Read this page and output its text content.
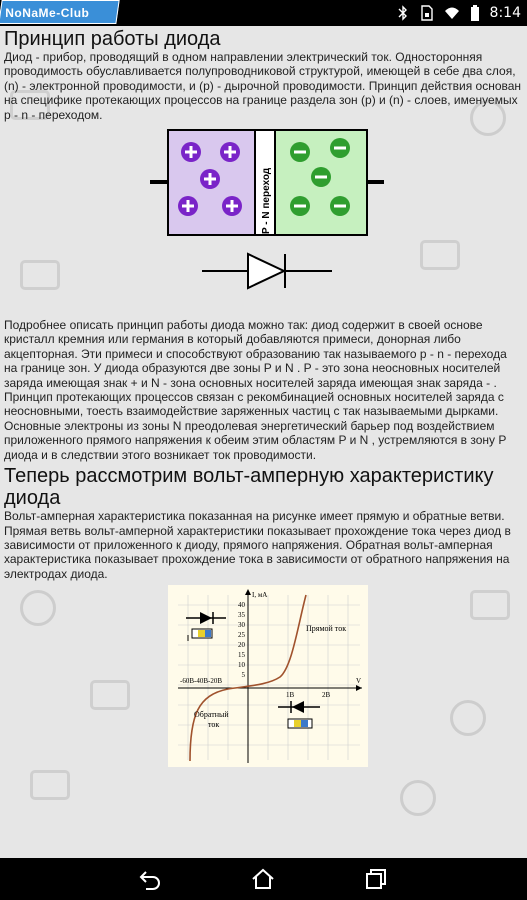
NoNaMe-Club	8:14
Принцип работы диода

Диод - прибор, проводящий в одном направлении электрический ток. Односторонняя проводимость обуславливается полупроводниковой структурой, имеющей в себе два слоя, (n) - электронной проводимости, и (p) - дырочной проводимости. Принцип действия основан на специфике протекающих процессов на границе раздела зон (p) и (n) - слоев, именуемых p - n - переходом.

P - N переход

Подробнее описать принцип работы диода можно так: диод содержит в своей основе кристалл кремния или германия в который добавляются примеси, донорная либо акцепторная. Эти примеси и способствуют образованию так называемого p - n - перехода на границе зон. У диода образуются две зоны P и N . P - это зона неосновных носителей заряда имеющая знак + и N - зона основных носителей заряда имеющая знак заряда - . Принцип протекающих процессов связан с рекомбинацией основных носителей заряда с неосновными, тоесть взаимодействие заряженных частиц с так называемыми дырками. Основные электроны из зоны N преодолевая энергетический барьер под воздействием приложенного прямого напряжения к обеим этим областям P и N , устремляются в зону P диода и в следствии этого возникает ток проводимости.

Теперь рассмотрим вольт-амперную характеристику диода

Вольт-амперная характеристика показанная на рисунке имеет прямую и обратные ветви. Прямая ветвь вольт-амперной характеристики показывает прохождение тока через диод в зависимости от приложенного к диоду, прямого напряжения. Обратная вольт-амперная характеристика показывает прохождение тока в зависимости от обратного напряжения на электродах диода.

I, мА
V
40
35
30
25
20
15
10
5
1В	2В
-60В-40В-20В
Прямой ток
Обратный
ток
